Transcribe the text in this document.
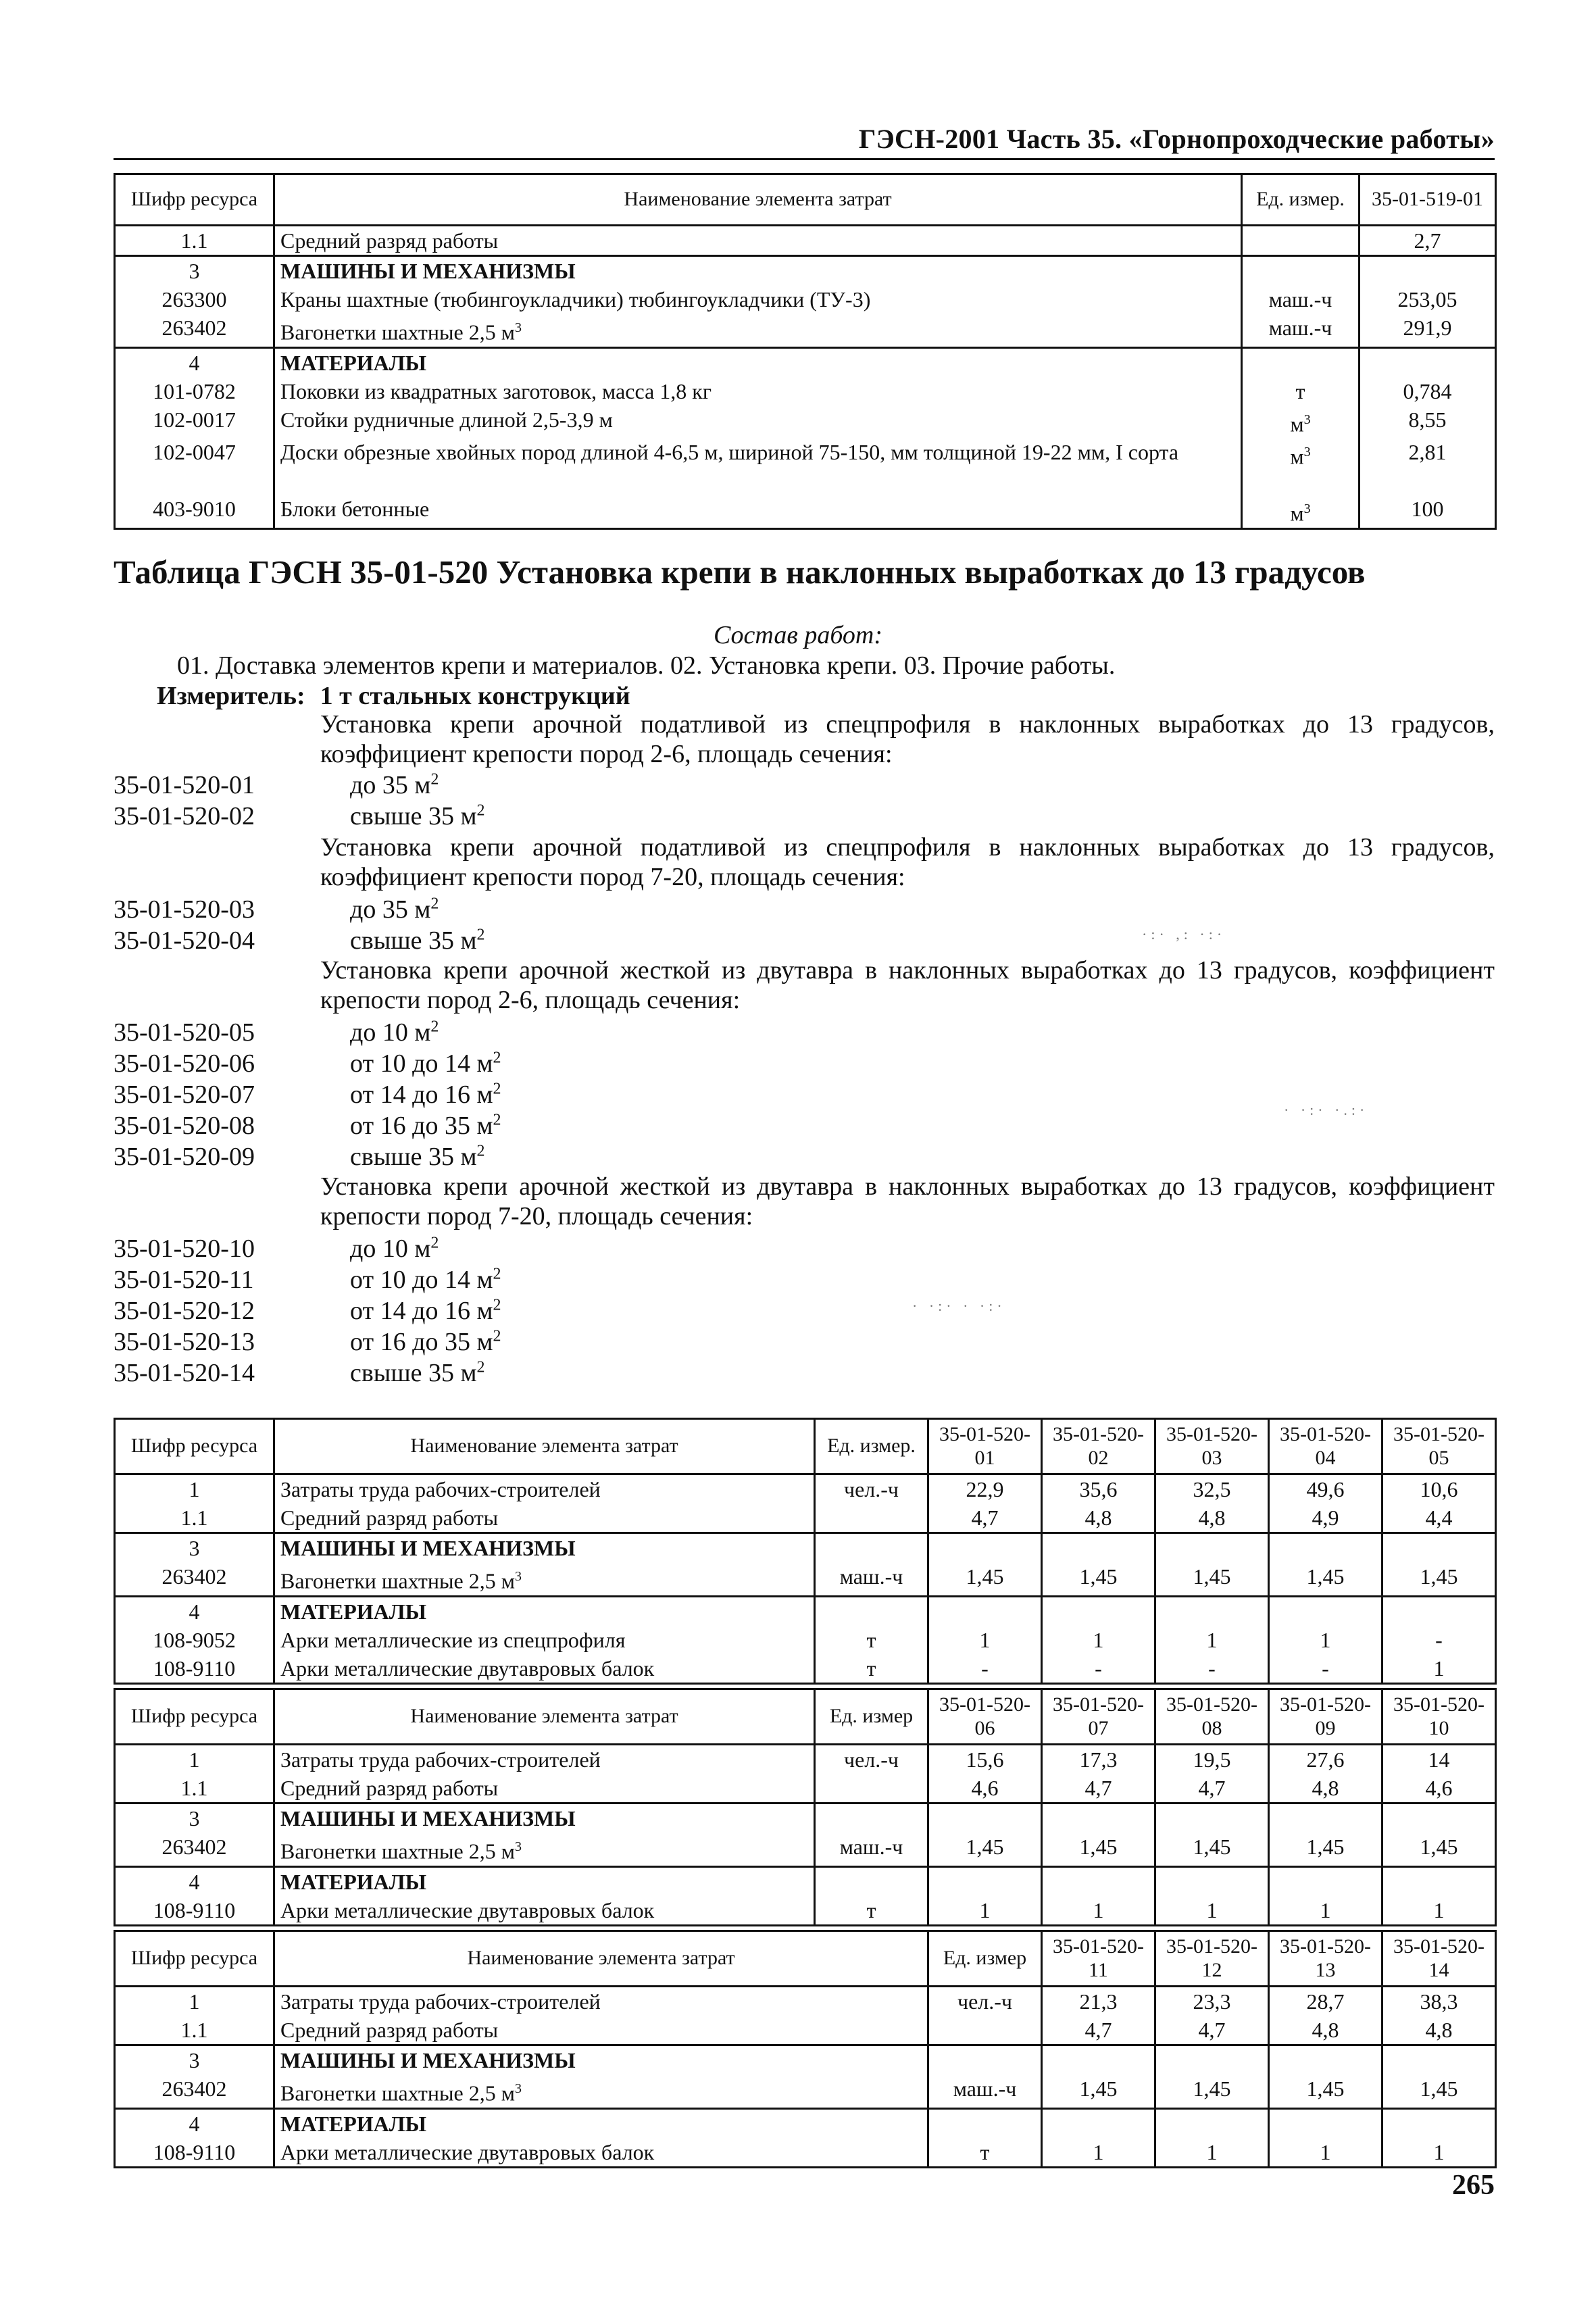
ГЭСН-2001 Часть 35. «Горнопроходческие работы»
Шифр ресурса	Наименование элемента затрат	Ед. измер.	35-01-519-01
1.1	Средний разряд работы		2,7
3	МАШИНЫ И МЕХАНИЗМЫ		
263300	Краны шахтные (тюбингоукладчики) тюбингоукладчики (ТУ-3)	маш.-ч	253,05
263402	Вагонетки шахтные 2,5 $м^3$	маш.-ч	291,9
4	МАТЕРИАЛЫ		
101-0782	Поковки из квадратных заготовок, масса 1,8 кг	т	0,784
102-0017	Стойки рудничные длиной 2,5-3,9 м	$м^3$	8,55
102-0047	Доски обрезные хвойных пород длиной 4-6,5 м, шириной 75-150, мм толщиной 19-22 мм, I сорта	$м^3$	2,81
403-9010	Блоки бетонные	$м^3$	100
Таблица ГЭСН 35-01-520 Установка крепи в наклонных выработках до 13 градусов
Состав работ:
01. Доставка элементов крепи и материалов. 02. Установка крепи. 03. Прочие работы.
Измеритель: 1 т стальных конструкций
Установка крепи арочной податливой из спецпрофиля в наклонных выработках до 13 градусов, коэффициент крепости пород 2-6, площадь сечения:
35-01-520-01	до 35 $м^2$
35-01-520-02	свыше 35 $м^2$
Установка крепи арочной податливой из спецпрофиля в наклонных выработках до 13 градусов, коэффициент крепости пород 7-20, площадь сечения:
35-01-520-03	до 35 $м^2$
35-01-520-04	свыше 35 $м^2$
Установка крепи арочной жесткой из двутавра в наклонных выработках до 13 градусов, коэффициент крепости пород 2-6, площадь сечения:
35-01-520-05	до 10 $м^2$
35-01-520-06	от 10 до 14 $м^2$
35-01-520-07	от 14 до 16 $м^2$
35-01-520-08	от 16 до 35 $м^2$
35-01-520-09	свыше 35 $м^2$
Установка крепи арочной жесткой из двутавра в наклонных выработках до 13 градусов, коэффициент крепости пород 7-20, площадь сечения:
35-01-520-10	до 10 $м^2$
35-01-520-11	от 10 до 14 $м^2$
35-01-520-12	от 14 до 16 $м^2$
35-01-520-13	от 16 до 35 $м^2$
35-01-520-14	свыше 35 $м^2$
·:· ,: ·:·
· ·:· ·.:·
· ·:· · ·:·
Шифр ресурса	Наименование элемента затрат	Ед. измер.	35-01-520-01	35-01-520-02	35-01-520-03	35-01-520-04	35-01-520-05
1	Затраты труда рабочих-строителей	чел.-ч	22,9	35,6	32,5	49,6	10,6
1.1	Средний разряд работы		4,7	4,8	4,8	4,9	4,4
3	МАШИНЫ И МЕХАНИЗМЫ						
263402	Вагонетки шахтные 2,5 $м^3$	маш.-ч	1,45	1,45	1,45	1,45	1,45
4	МАТЕРИАЛЫ						
108-9052	Арки металлические из спецпрофиля	т	1	1	1	1	-
108-9110	Арки металлические двутавровых балок	т	-	-	-	-	1
Шифр ресурса	Наименование элемента затрат	Ед. измер	35-01-520-06	35-01-520-07	35-01-520-08	35-01-520-09	35-01-520-10
1	Затраты труда рабочих-строителей	чел.-ч	15,6	17,3	19,5	27,6	14
1.1	Средний разряд работы		4,6	4,7	4,7	4,8	4,6
3	МАШИНЫ И МЕХАНИЗМЫ						
263402	Вагонетки шахтные 2,5 $м^3$	маш.-ч	1,45	1,45	1,45	1,45	1,45
4	МАТЕРИАЛЫ						
108-9110	Арки металлические двутавровых балок	т	1	1	1	1	1
Шифр ресурса	Наименование элемента затрат	Ед. измер	35-01-520-11	35-01-520-12	35-01-520-13	35-01-520-14
1	Затраты труда рабочих-строителей	чел.-ч	21,3	23,3	28,7	38,3
1.1	Средний разряд работы		4,7	4,7	4,8	4,8
3	МАШИНЫ И МЕХАНИЗМЫ					
263402	Вагонетки шахтные 2,5 $м^3$	маш.-ч	1,45	1,45	1,45	1,45
4	МАТЕРИАЛЫ					
108-9110	Арки металлические двутавровых балок	т	1	1	1	1
265
